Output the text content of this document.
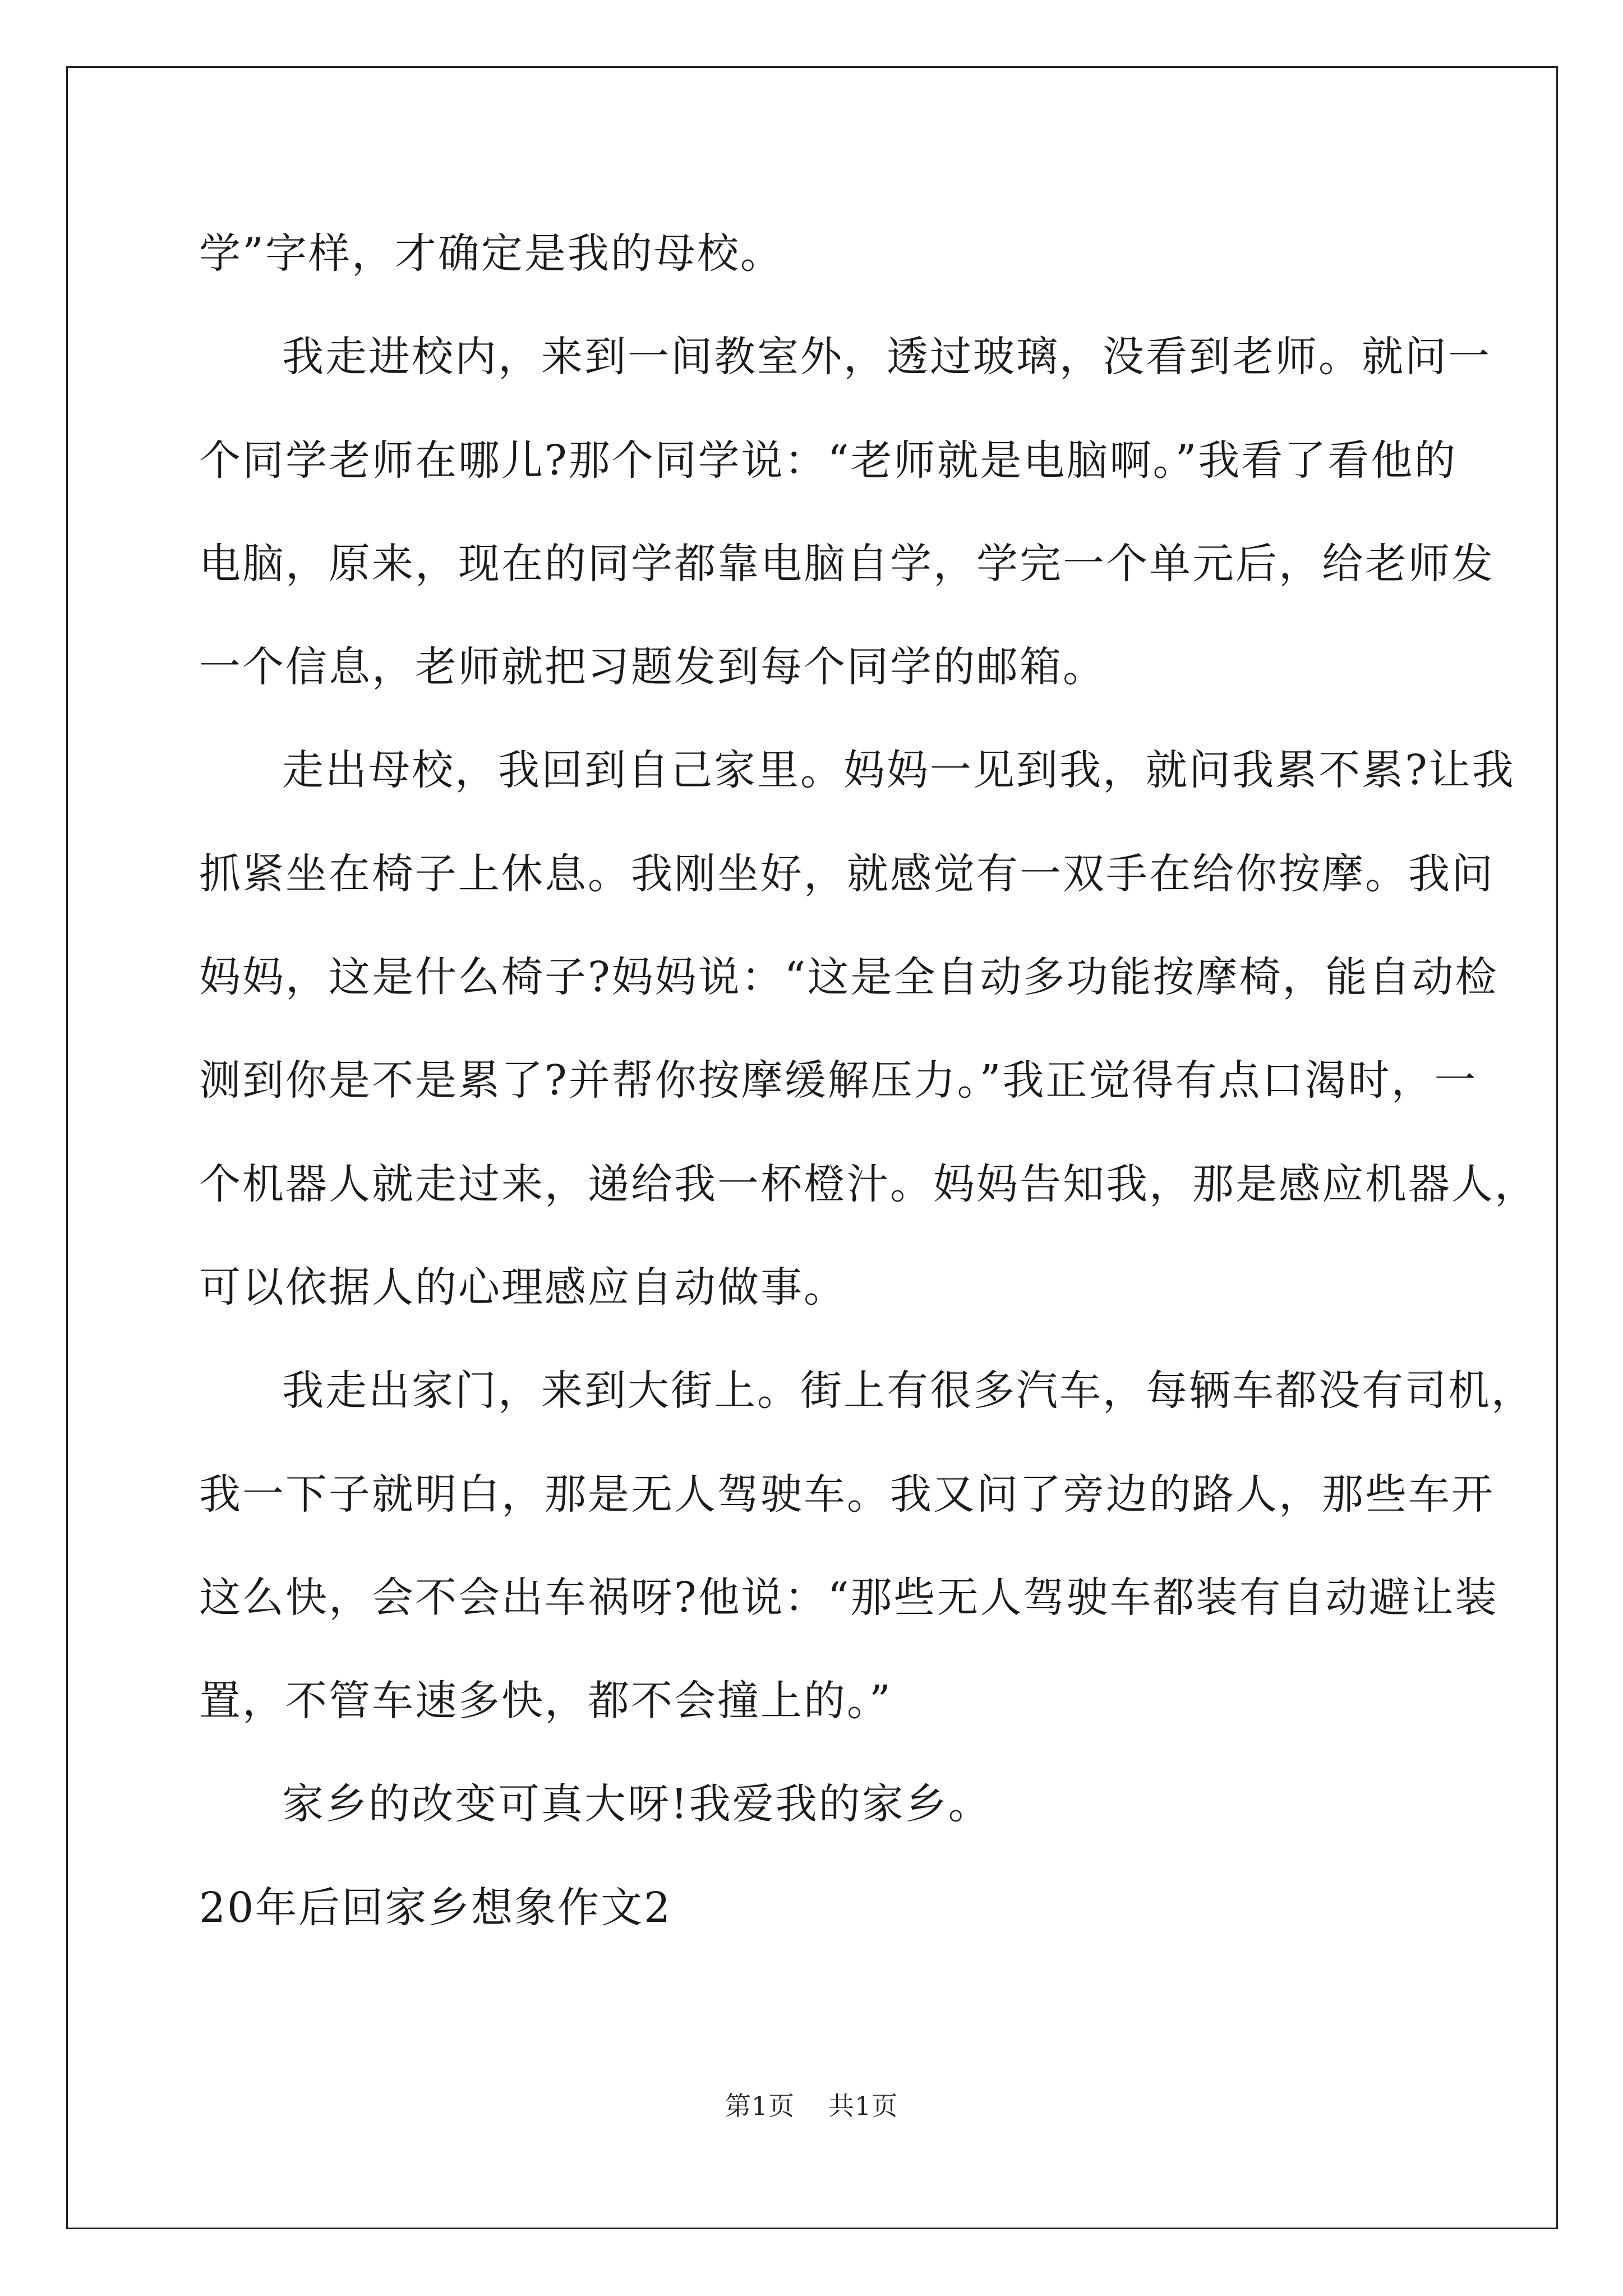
学”字样，才确定是我的母校。
我走进校内，来到一间教室外，透过玻璃，没看到老师。就问一
个同学老师在哪儿?那个同学说：“老师就是电脑啊。”我看了看他的
电脑，原来，现在的同学都靠电脑自学，学完一个单元后，给老师发
一个信息，老师就把习题发到每个同学的邮箱。
走出母校，我回到自己家里。妈妈一见到我，就问我累不累?让我
抓紧坐在椅子上休息。我刚坐好，就感觉有一双手在给你按摩。我问
妈妈，这是什么椅子?妈妈说：“这是全自动多功能按摩椅，能自动检
测到你是不是累了?并帮你按摩缓解压力。”我正觉得有点口渴时，一
个机器人就走过来，递给我一杯橙汁。妈妈告知我，那是感应机器人，
可以依据人的心理感应自动做事。
我走出家门，来到大街上。街上有很多汽车，每辆车都没有司机，
我一下子就明白，那是无人驾驶车。我又问了旁边的路人，那些车开
这么快，会不会出车祸呀?他说：“那些无人驾驶车都装有自动避让装
置，不管车速多快，都不会撞上的。”
家乡的改变可真大呀!我爱我的家乡。
20年后回家乡想象作文2
第1页 共1页
